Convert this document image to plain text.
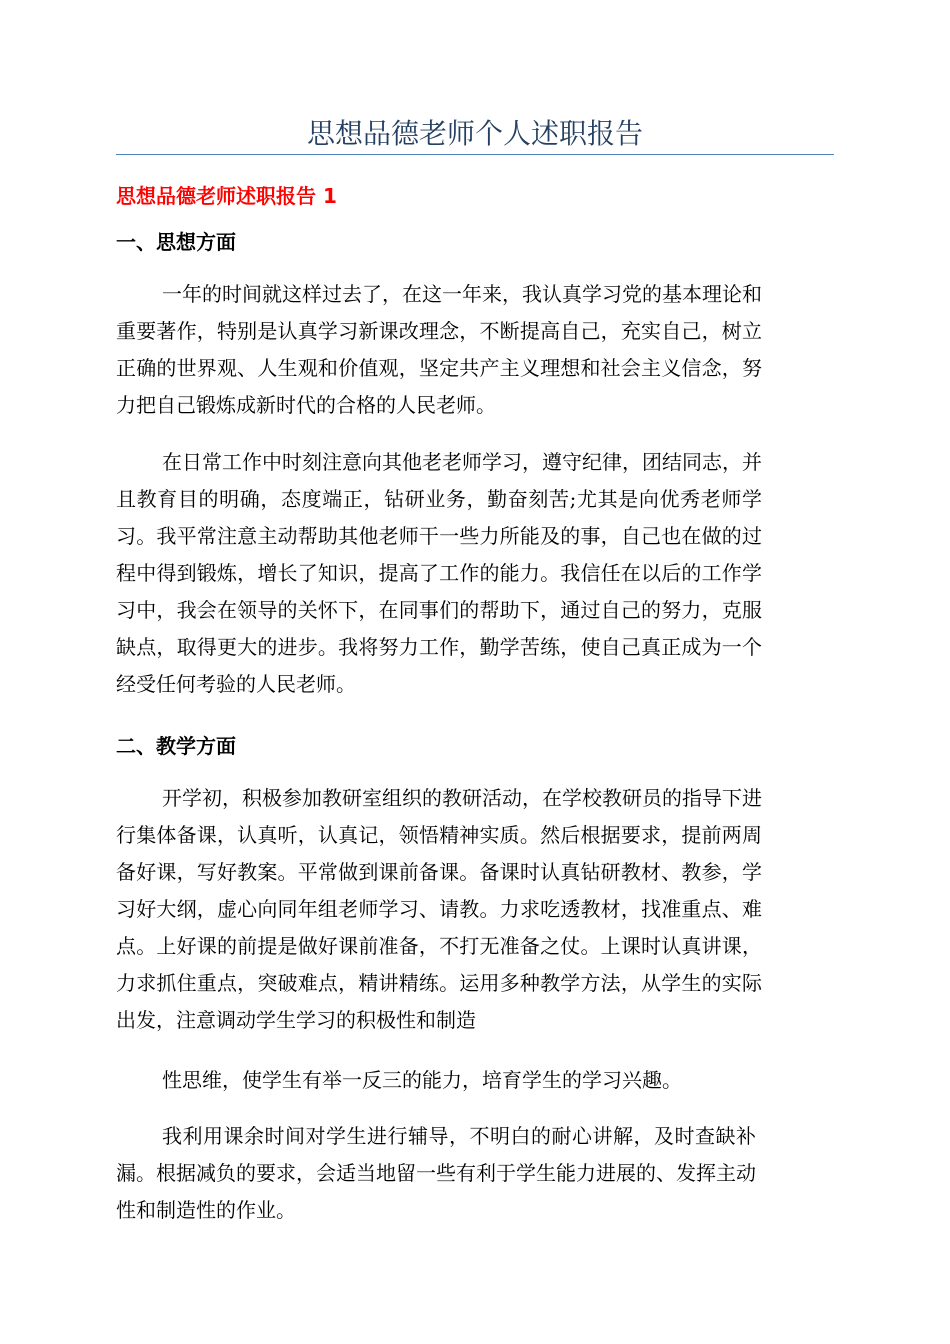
思想品德老师个人述职报告
思想品德老师述职报告 1
一、思想方面

一年的时间就这样过去了，在这一年来，我认真学习党的基本理论和
重要著作，特别是认真学习新课改理念，不断提高自己，充实自己，树立
正确的世界观、人生观和价值观，坚定共产主义理想和社会主义信念，努
力把自己锻炼成新时代的合格的人民老师。

在日常工作中时刻注意向其他老老师学习，遵守纪律，团结同志，并
且教育目的明确，态度端正，钻研业务，勤奋刻苦;尤其是向优秀老师学
习。我平常注意主动帮助其他老师干一些力所能及的事，自己也在做的过
程中得到锻炼，增长了知识，提高了工作的能力。我信任在以后的工作学
习中，我会在领导的关怀下，在同事们的帮助下，通过自己的努力，克服
缺点，取得更大的进步。我将努力工作，勤学苦练，使自己真正成为一个
经受任何考验的人民老师。

二、教学方面

开学初，积极参加教研室组织的教研活动，在学校教研员的指导下进
行集体备课，认真听，认真记，领悟精神实质。然后根据要求，提前两周
备好课，写好教案。平常做到课前备课。备课时认真钻研教材、教参，学
习好大纲，虚心向同年组老师学习、请教。力求吃透教材，找准重点、难
点。上好课的前提是做好课前准备，不打无准备之仗。上课时认真讲课，
力求抓住重点，突破难点，精讲精练。运用多种教学方法，从学生的实际
出发，注意调动学生学习的积极性和制造

性思维，使学生有举一反三的能力，培育学生的学习兴趣。

我利用课余时间对学生进行辅导，不明白的耐心讲解，及时查缺补
漏。根据减负的要求，会适当地留一些有利于学生能力进展的、发挥主动
性和制造性的作业。
